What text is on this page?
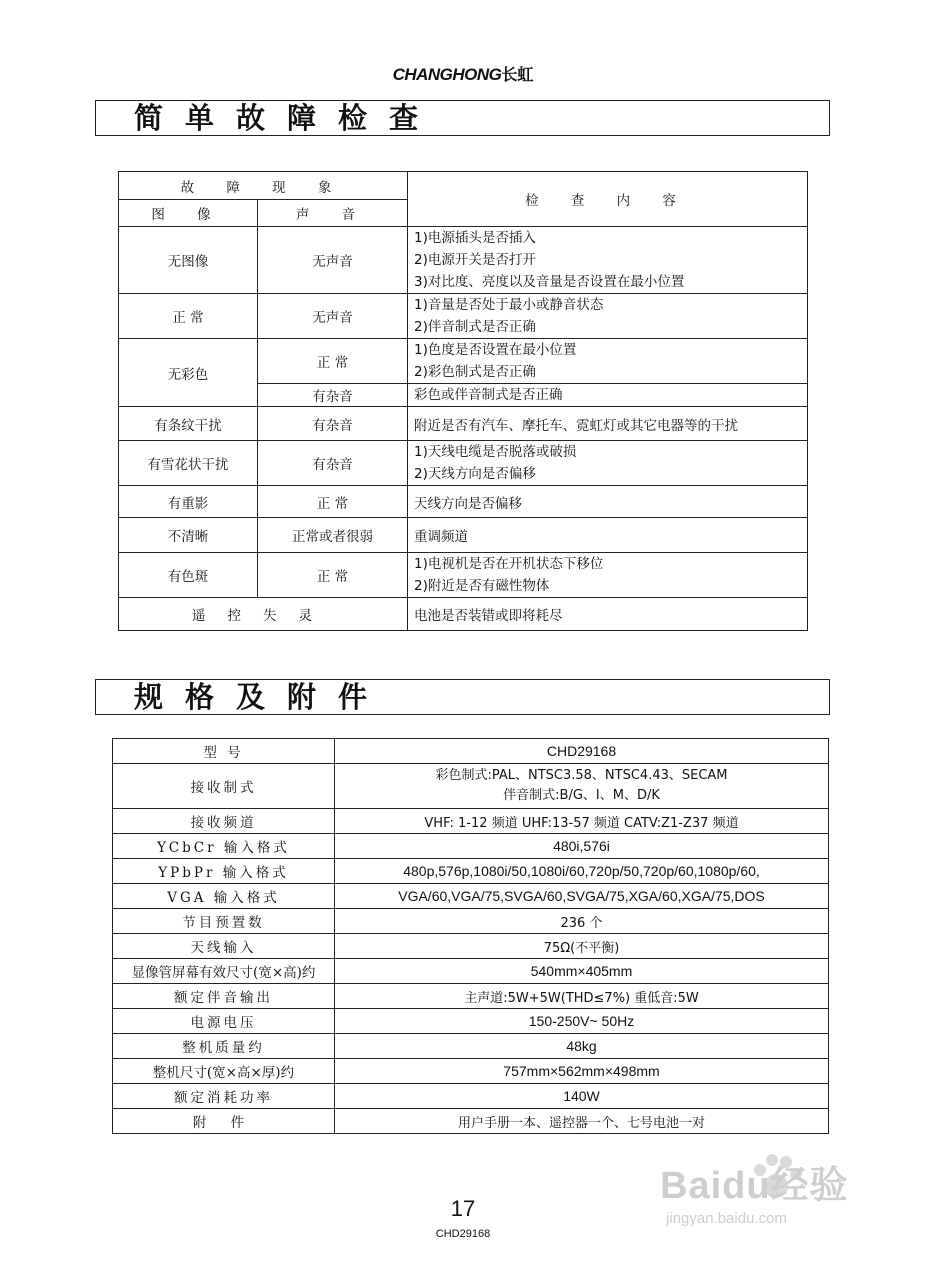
CHANGHONG长虹
简单故障检查
故 障 现 象		检 查 内 容
图 像	声 音	
无图像	无声音	1)电源插头是否插入
2)电源开关是否打开
3)对比度、亮度以及音量是否设置在最小位置

正 常	无声音	1)音量是否处于最小或静音状态
2)伴音制式是否正确

无彩色	正 常	1)色度是否设置在最小位置
2)彩色制式是否正确

	有杂音	彩色或伴音制式是否正确

有条纹干扰	有杂音	附近是否有汽车、摩托车、霓虹灯或其它电器等的干扰
有雪花状干扰	有杂音	1)天线电缆是否脱落或破损
2)天线方向是否偏移

有重影	正 常	天线方向是否偏移
不清晰	正常或者很弱	重调频道
有色斑	正 常	1)电视机是否在开机状态下移位
2)附近是否有磁性物体

遥控失灵		电池是否装错或即将耗尽
规格及附件
型 号	CHD29168
接收制式	彩色制式:PAL、NTSC3.58、NTSC4.43、SECAM
伴音制式:B/G、I、M、D/K

接收频道	VHF: 1-12 频道 UHF:13-57 频道 CATV:Z1-Z37 频道
YCbCr 输入格式	480i,576i
YPbPr 输入格式	480p,576p,1080i/50,1080i/60,720p/50,720p/60,1080p/60,
VGA 输入格式	VGA/60,VGA/75,SVGA/60,SVGA/75,XGA/60,XGA/75,DOS
节目预置数	236 个
天线输入	75Ω(不平衡)
显像管屏幕有效尺寸(宽×高)约	540mm×405mm
额定伴音输出	主声道:5W+5W(THD≤7%) 重低音:5W
电源电压	150-250V~ 50Hz
整机质量约	48kg
整机尺寸(宽×高×厚)约	757mm×562mm×498mm
额定消耗功率	140W
附 件	用户手册一本、遥控器一个、七号电池一对
17
CHD29168
Baidu经验
jingyan.baidu.com
